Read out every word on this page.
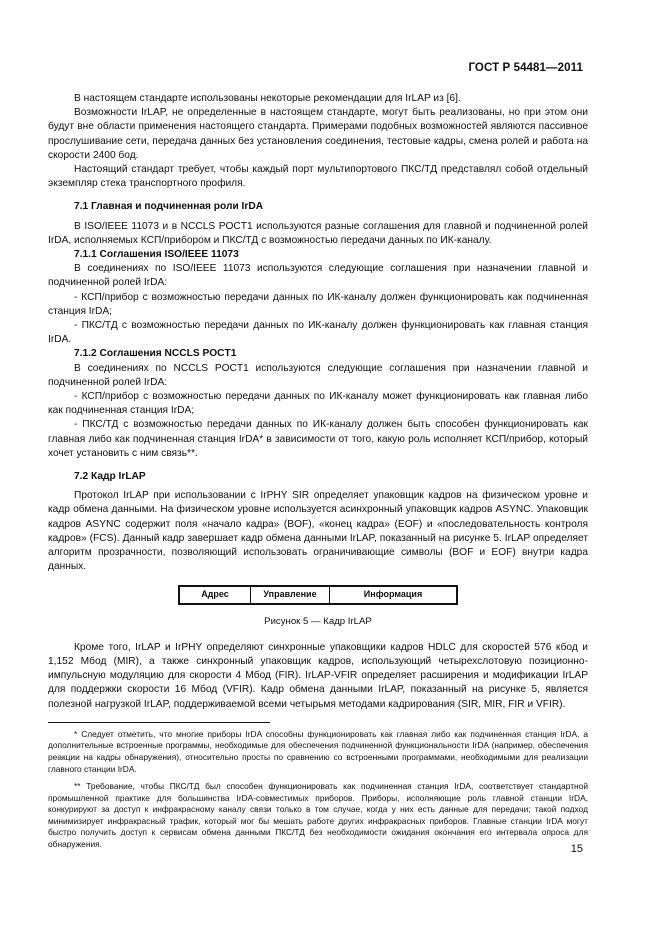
ГОСТ Р 54481—2011

В настоящем стандарте использованы некоторые рекомендации для IrLAP из [6].

Возможности IrLAP, не определенные в настоящем стандарте, могут быть реализованы, но при этом они будут вне области применения настоящего стандарта. Примерами подобных возможностей являются пассивное прослушивание сети, передача данных без установления соединения, тестовые кадры, смена ролей и работа на скорости 2400 бод.

Настоящий стандарт требует, чтобы каждый порт мультипортового ПКС/ТД представлял собой отдельный экземпляр стека транспортного профиля.

7.1 Главная и подчиненная роли IrDA

В ISO/IEEE 11073 и в NCCLS POCT1 используются разные соглашения для главной и подчиненной ролей IrDA, исполняемых КСП/прибором и ПКС/ТД с возможностью передачи данных по ИК-каналу.

7.1.1 Соглашения ISO/IEEE 11073

В соединениях по ISO/IEEE 11073 используются следующие соглашения при назначении главной и подчиненной ролей IrDA:

- КСП/прибор с возможностью передачи данных по ИК-каналу должен функционировать как подчиненная станция IrDA;

- ПКС/ТД с возможностью передачи данных по ИК-каналу должен функционировать как главная станция IrDA.

7.1.2 Соглашения NCCLS POCT1

В соединениях по NCCLS POCT1 используются следующие соглашения при назначении главной и подчиненной ролей IrDA:

- КСП/прибор с возможностью передачи данных по ИК-каналу может функционировать как главная либо как подчиненная станция IrDA;

- ПКС/ТД с возможностью передачи данных по ИК-каналу должен быть способен функционировать как главная либо как подчиненная станция IrDA* в зависимости от того, какую роль исполняет КСП/прибор, который хочет установить с ним связь**.

7.2 Кадр IrLAP

Протокол IrLAP при использовании с IrPHY SIR определяет упаковщик кадров на физическом уровне и кадр обмена данными. На физическом уровне используется асинхронный упаковщик кадров ASYNC. Упаковщик кадров ASYNC содержит поля «начало кадра» (BOF), «конец кадра» (EOF) и «последовательность контроля кадров» (FCS). Данный кадр завершает кадр обмена данными IrLAP, показанный на рисунке 5. IrLAP определяет алгоритм прозрачности, позволяющий использовать ограничивающие символы (BOF и EOF) внутри кадра данных.

Адрес	Управление	Информация
Рисунок 5 — Кадр IrLAP

Кроме того, IrLAP и IrPHY определяют синхронные упаковщики кадров HDLC для скоростей 576 кбод и 1,152 Мбод (MIR), а также синхронный упаковщик кадров, использующий четырехслотовую позиционно-импульсную модуляцию для скорости 4 Мбод (FIR). IrLAP-VFIR определяет расширения и модификации IrLAP для поддержки скорости 16 Мбод (VFIR). Кадр обмена данными IrLAP, показанный на рисунке 5, является полезной нагрузкой IrLAP, поддерживаемой всеми четырьмя методами кадрирования (SIR, MIR, FIR и VFIR).

* Следует отметить, что многие приборы IrDA способны функционировать как главная либо как подчиненная станция IrDA, а дополнительные встроенные программы, необходимые для обеспечения подчиненной функциональности IrDA (например, обеспечения реакции на кадры обнаружения), относительно просты по сравнению со встроенными программами, необходимыми для реализации главного станции IrDA.

** Требование, чтобы ПКС/ТД был способен функционировать как подчиненная станция IrDA, соответствует стандартной промышленной практике для большинства IrDA-совместимых приборов. Приборы, исполняющие роль главной станции IrDA, конкурируют за доступ к инфракрасному каналу связи только в том случае, когда у них есть данные для передачи; такой подход минимизирует инфракрасный трафик, который мог бы мешать работе других инфракрасных приборов. Главные станции IrDA могут быстро получить доступ к сервисам обмена данными ПКС/ТД без необходимости ожидания окончания его интервала опроса для обнаружения.	15
